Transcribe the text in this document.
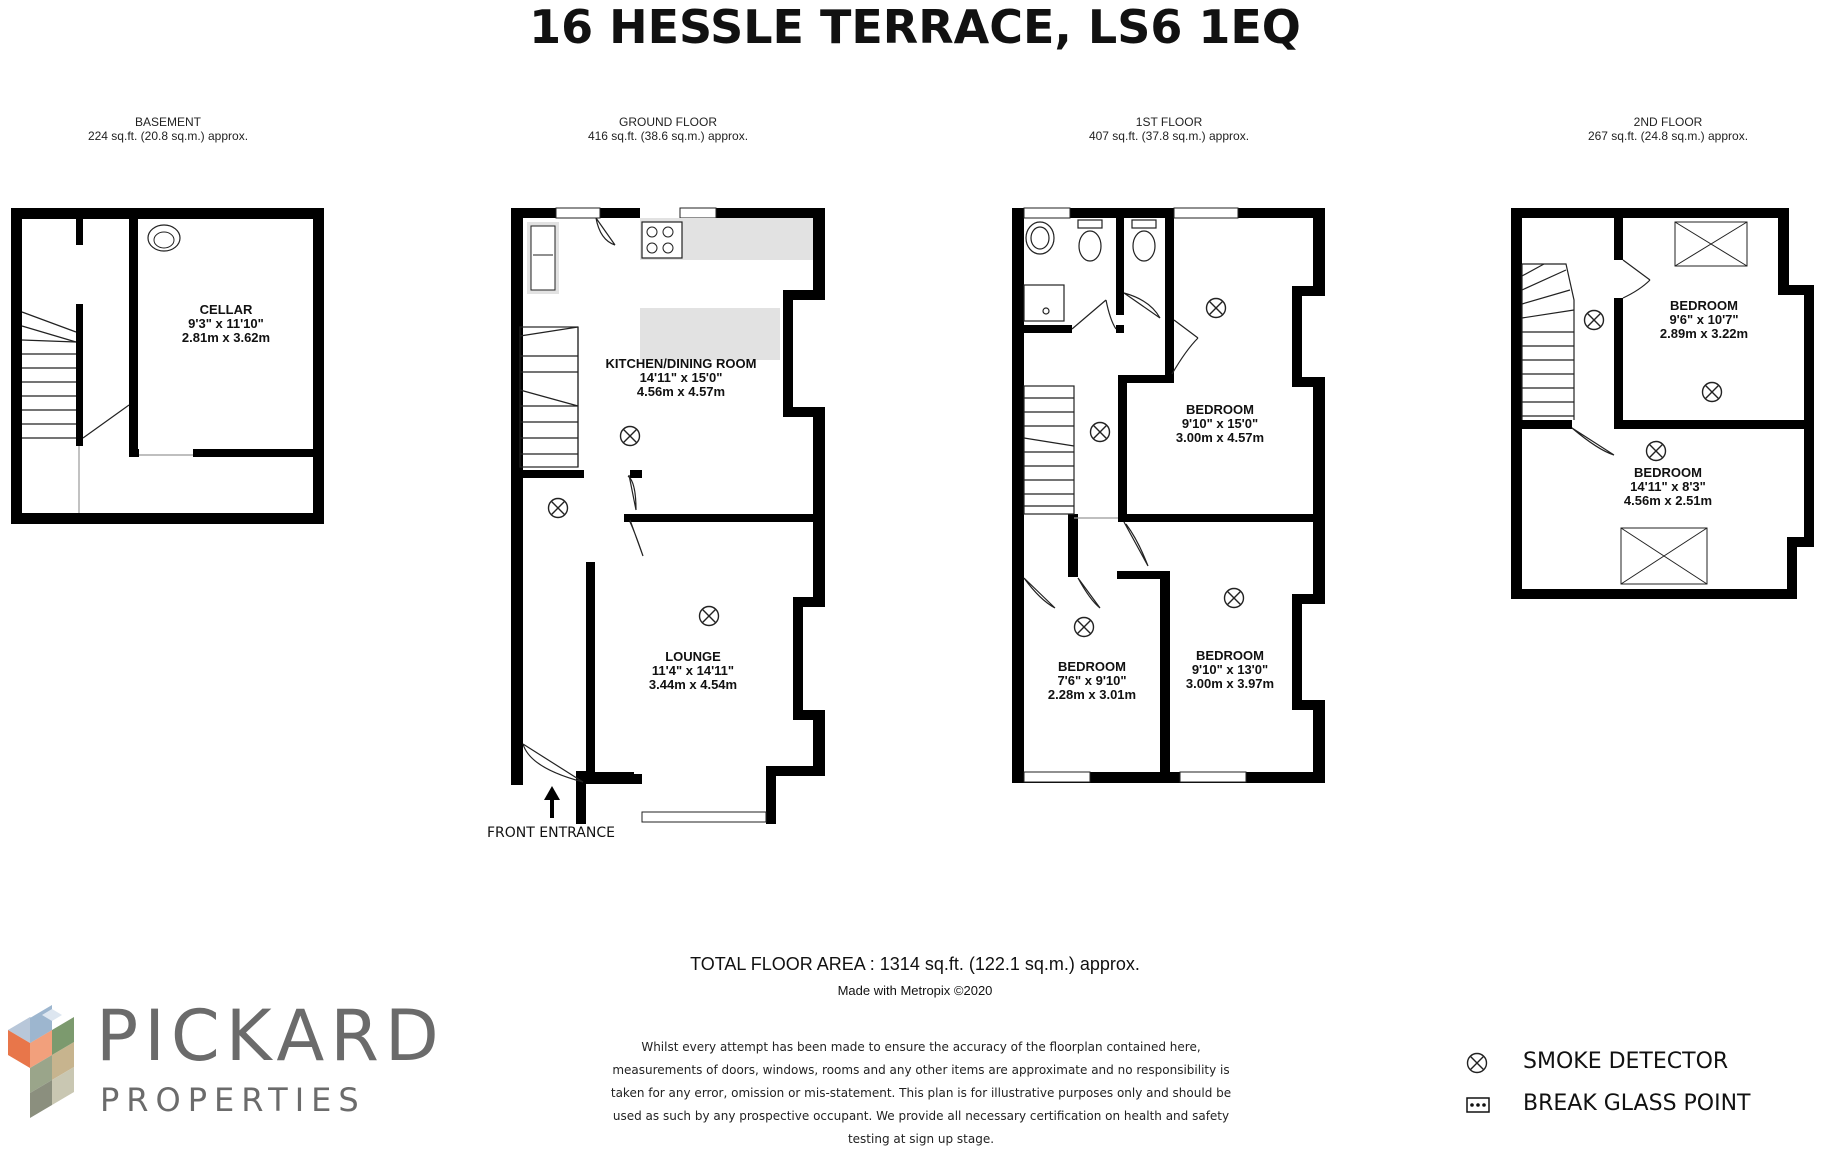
16 HESSLE TERRACE, LS6 1EQ
BASEMENT
224 sq.ft. (20.8 sq.m.) approx.
GROUND FLOOR
416 sq.ft. (38.6 sq.m.) approx.
1ST FLOOR
407 sq.ft. (37.8 sq.m.) approx.
2ND FLOOR
267 sq.ft. (24.8 sq.m.) approx.
CELLAR
9'3" x 11'10"
2.81m x 3.62m
KITCHEN/DINING ROOM
14'11" x 15'0"
4.56m x 4.57m
LOUNGE
11'4" x 14'11"
3.44m x 4.54m
BEDROOM
9'10" x 15'0"
3.00m x 4.57m
BEDROOM
7'6" x 9'10"
2.28m x 3.01m
BEDROOM
9'10" x 13'0"
3.00m x 3.97m
BEDROOM
9'6" x 10'7"
2.89m x 3.22m
BEDROOM
14'11" x 8'3"
4.56m x 2.51m
FRONT ENTRANCE
TOTAL FLOOR AREA : 1314 sq.ft. (122.1 sq.m.) approx.
Made with Metropix ©2020
Whilst every attempt has been made to ensure the accuracy of the floorplan contained here, measurements of doors, windows, rooms and any other items are approximate and no responsibility is taken for any error, omission or mis-statement. This plan is for illustrative purposes only and should be used as such by any prospective occupant. We provide all necessary certification on health and safety testing at sign up stage.
PICKARD
PROPERTIES
SMOKE DETECTOR
BREAK GLASS POINT
